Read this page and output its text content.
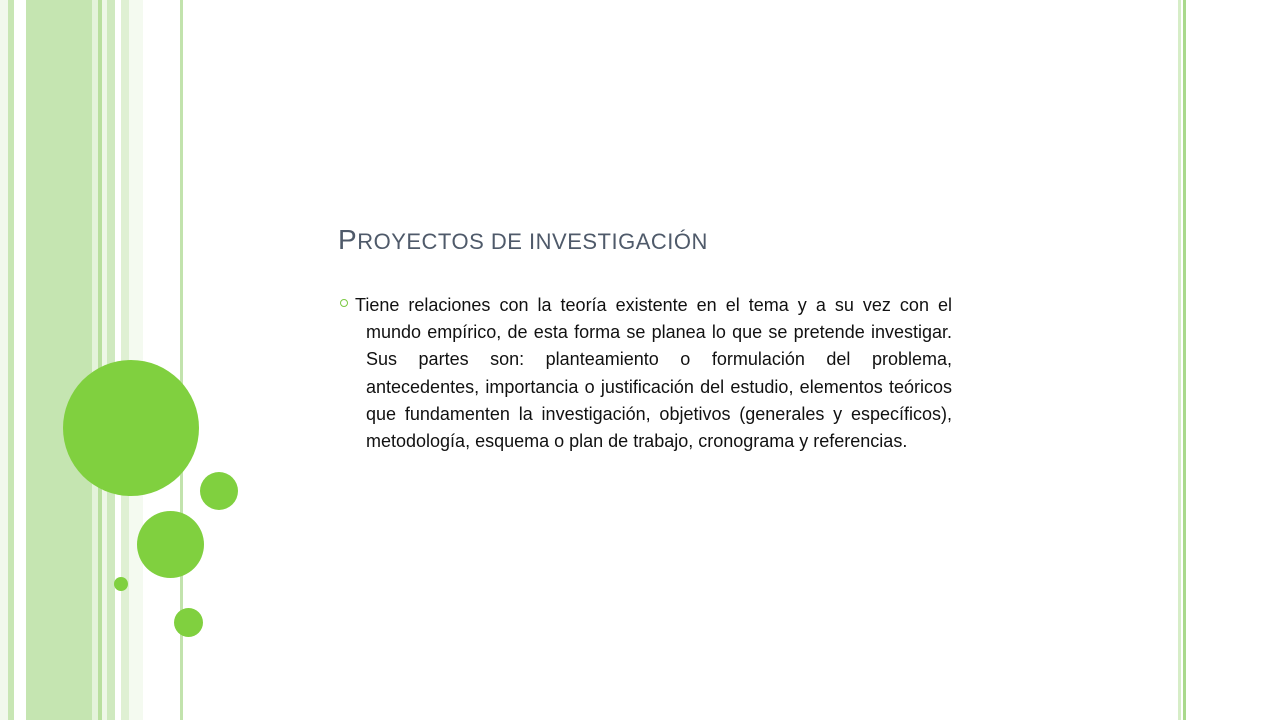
PROYECTOS DE INVESTIGACIÓN

Tiene relaciones con la teoría existente en el tema y a su vez con el mundo empírico, de esta forma se planea lo que se pretende investigar. Sus partes son: planteamiento o formulación del problema, antecedentes, importancia o justificación del estudio, elementos teóricos que fundamenten la investigación, objetivos (generales y específicos), metodología, esquema o plan de trabajo, cronograma y referencias.
